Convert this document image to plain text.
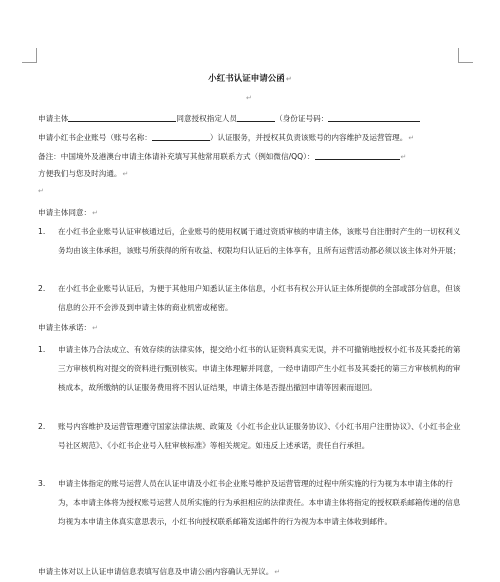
小红书认证申请公函↵
↵
申请主体	同意授权指定人员	（身份证号码：
申请小红书企业账号（账号名称：	）认证服务，并授权其负责该账号的内容维护及运营管理。↵
备注：中国境外及港澳台申请主体请补充填写其他常用联系方式（例如微信/QQ）：	↵
方便我们与您及时沟通。↵
↵
申请主体同意：↵
1. 在小红书企业账号认证审核通过后，企业账号的使用权属于通过资质审核的申请主体，该账号自注册时产生的一切权利义务均由该主体承担，该账号所获得的所有收益、权限均归认证后的主体享有，且所有运营活动都必须以该主体对外开展；
2. 在小红书企业账号认证后，为便于其他用户知悉认证主体信息，小红书有权公开认证主体所提供的全部或部分信息，但该信息的公开不会涉及到申请主体的商业机密或秘密。
申请主体承诺：↵
1. 申请主体乃合法成立、有效存续的法律实体，提交给小红书的认证资料真实无误，并不可撤销地授权小红书及其委托的第三方审核机构对提交的资料进行甄别核实。申请主体理解并同意，一经申请即产生小红书及其委托的第三方审核机构的审核成本，故所缴纳的认证服务费用将不因认证结果，申请主体是否提出撤回申请等因素而退回。
2. 账号内容维护及运营管理遵守国家法律法规、政策及《小红书企业认证服务协议》、《小红书用户注册协议》、《小红书企业号社区规范》、《小红书企业号入驻审核标准》等相关规定。如违反上述承诺，责任自行承担。
3. 申请主体指定的账号运营人员在认证申请及小红书企业账号维护及运营管理的过程中所实施的行为视为本申请主体的行为，本申请主体将为授权账号运营人员所实施的行为承担相应的法律责任。本申请主体将指定的授权联系邮箱传递的信息均视为本申请主体真实意思表示，小红书向授权联系邮箱发送邮件的行为视为本申请主体收到邮件。
申请主体对以上认证申请信息表填写信息及申请公函内容确认无异议。↵
